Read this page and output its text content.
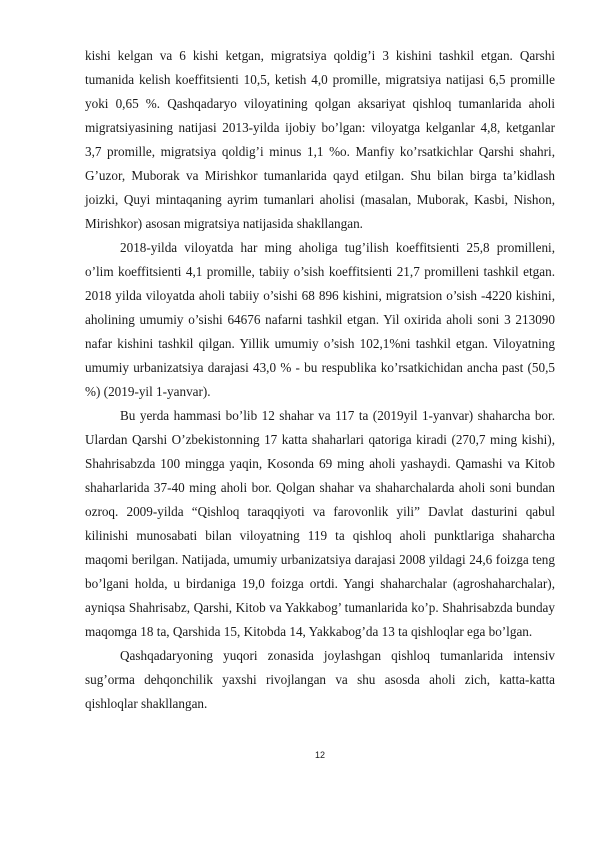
kishi kelgan va 6 kishi ketgan, migratsiya qoldig’i 3 kishini tashkil etgan. Qarshi tumanida kelish koeffitsienti 10,5, ketish 4,0 promille, migratsiya natijasi 6,5 promille yoki 0,65 %. Qashqadaryo viloyatining qolgan aksariyat qishloq tumanlarida aholi migratsiyasining natijasi 2013-yilda ijobiy bo’lgan: viloyatga kelganlar 4,8, ketganlar 3,7 promille, migratsiya qoldig’i minus 1,1 %o. Manfiy ko’rsatkichlar Qarshi shahri, G’uzor, Muborak va Mirishkor tumanlarida qayd etilgan. Shu bilan birga ta’kidlash joizki, Quyi mintaqaning ayrim tumanlari aholisi (masalan, Muborak, Kasbi, Nishon, Mirishkor) asosan migratsiya natijasida shakllangan.

2018-yilda viloyatda har ming aholiga tug’ilish koeffitsienti 25,8 promilleni, o’lim koeffitsienti 4,1 promille, tabiiy o’sish koeffitsienti 21,7 promilleni tashkil etgan. 2018 yilda viloyatda aholi tabiiy o’sishi 68 896 kishini, migratsion o’sish -4220 kishini, aholining umumiy o’sishi 64676 nafarni tashkil etgan. Yil oxirida aholi soni 3 213090 nafar kishini tashkil qilgan. Yillik umumiy o’sish 102,1%ni tashkil etgan. Viloyatning umumiy urbanizatsiya darajasi 43,0 % - bu respublika ko’rsatkichidan ancha past (50,5 %) (2019-yil 1-yanvar).

Bu yerda hammasi bo’lib 12 shahar va 117 ta (2019yil 1-yanvar) shaharcha bor. Ulardan Qarshi O’zbekistonning 17 katta shaharlari qatoriga kiradi (270,7 ming kishi), Shahrisabzda 100 mingga yaqin, Kosonda 69 ming aholi yashaydi. Qamashi va Kitob shaharlarida 37-40 ming aholi bor. Qolgan shahar va shaharchalarda aholi soni bundan ozroq. 2009-yilda “Qishloq taraqqiyoti va farovonlik yili” Davlat dasturini qabul kilinishi munosabati bilan viloyatning 119 ta qishloq aholi punktlariga shaharcha maqomi berilgan. Natijada, umumiy urbanizatsiya darajasi 2008 yildagi 24,6 foizga teng bo’lgani holda, u birdaniga 19,0 foizga ortdi. Yangi shaharchalar (agroshaharchalar), ayniqsa Shahrisabz, Qarshi, Kitob va Yakkabog’ tumanlarida ko’p. Shahrisabzda bunday maqomga 18 ta, Qarshida 15, Kitobda 14, Yakkabog’da 13 ta qishloqlar ega bo’lgan.

Qashqadaryoning yuqori zonasida joylashgan qishloq tumanlarida intensiv sug’orma dehqonchilik yaxshi rivojlangan va shu asosda aholi zich, katta-katta qishloqlar shakllangan.

12
